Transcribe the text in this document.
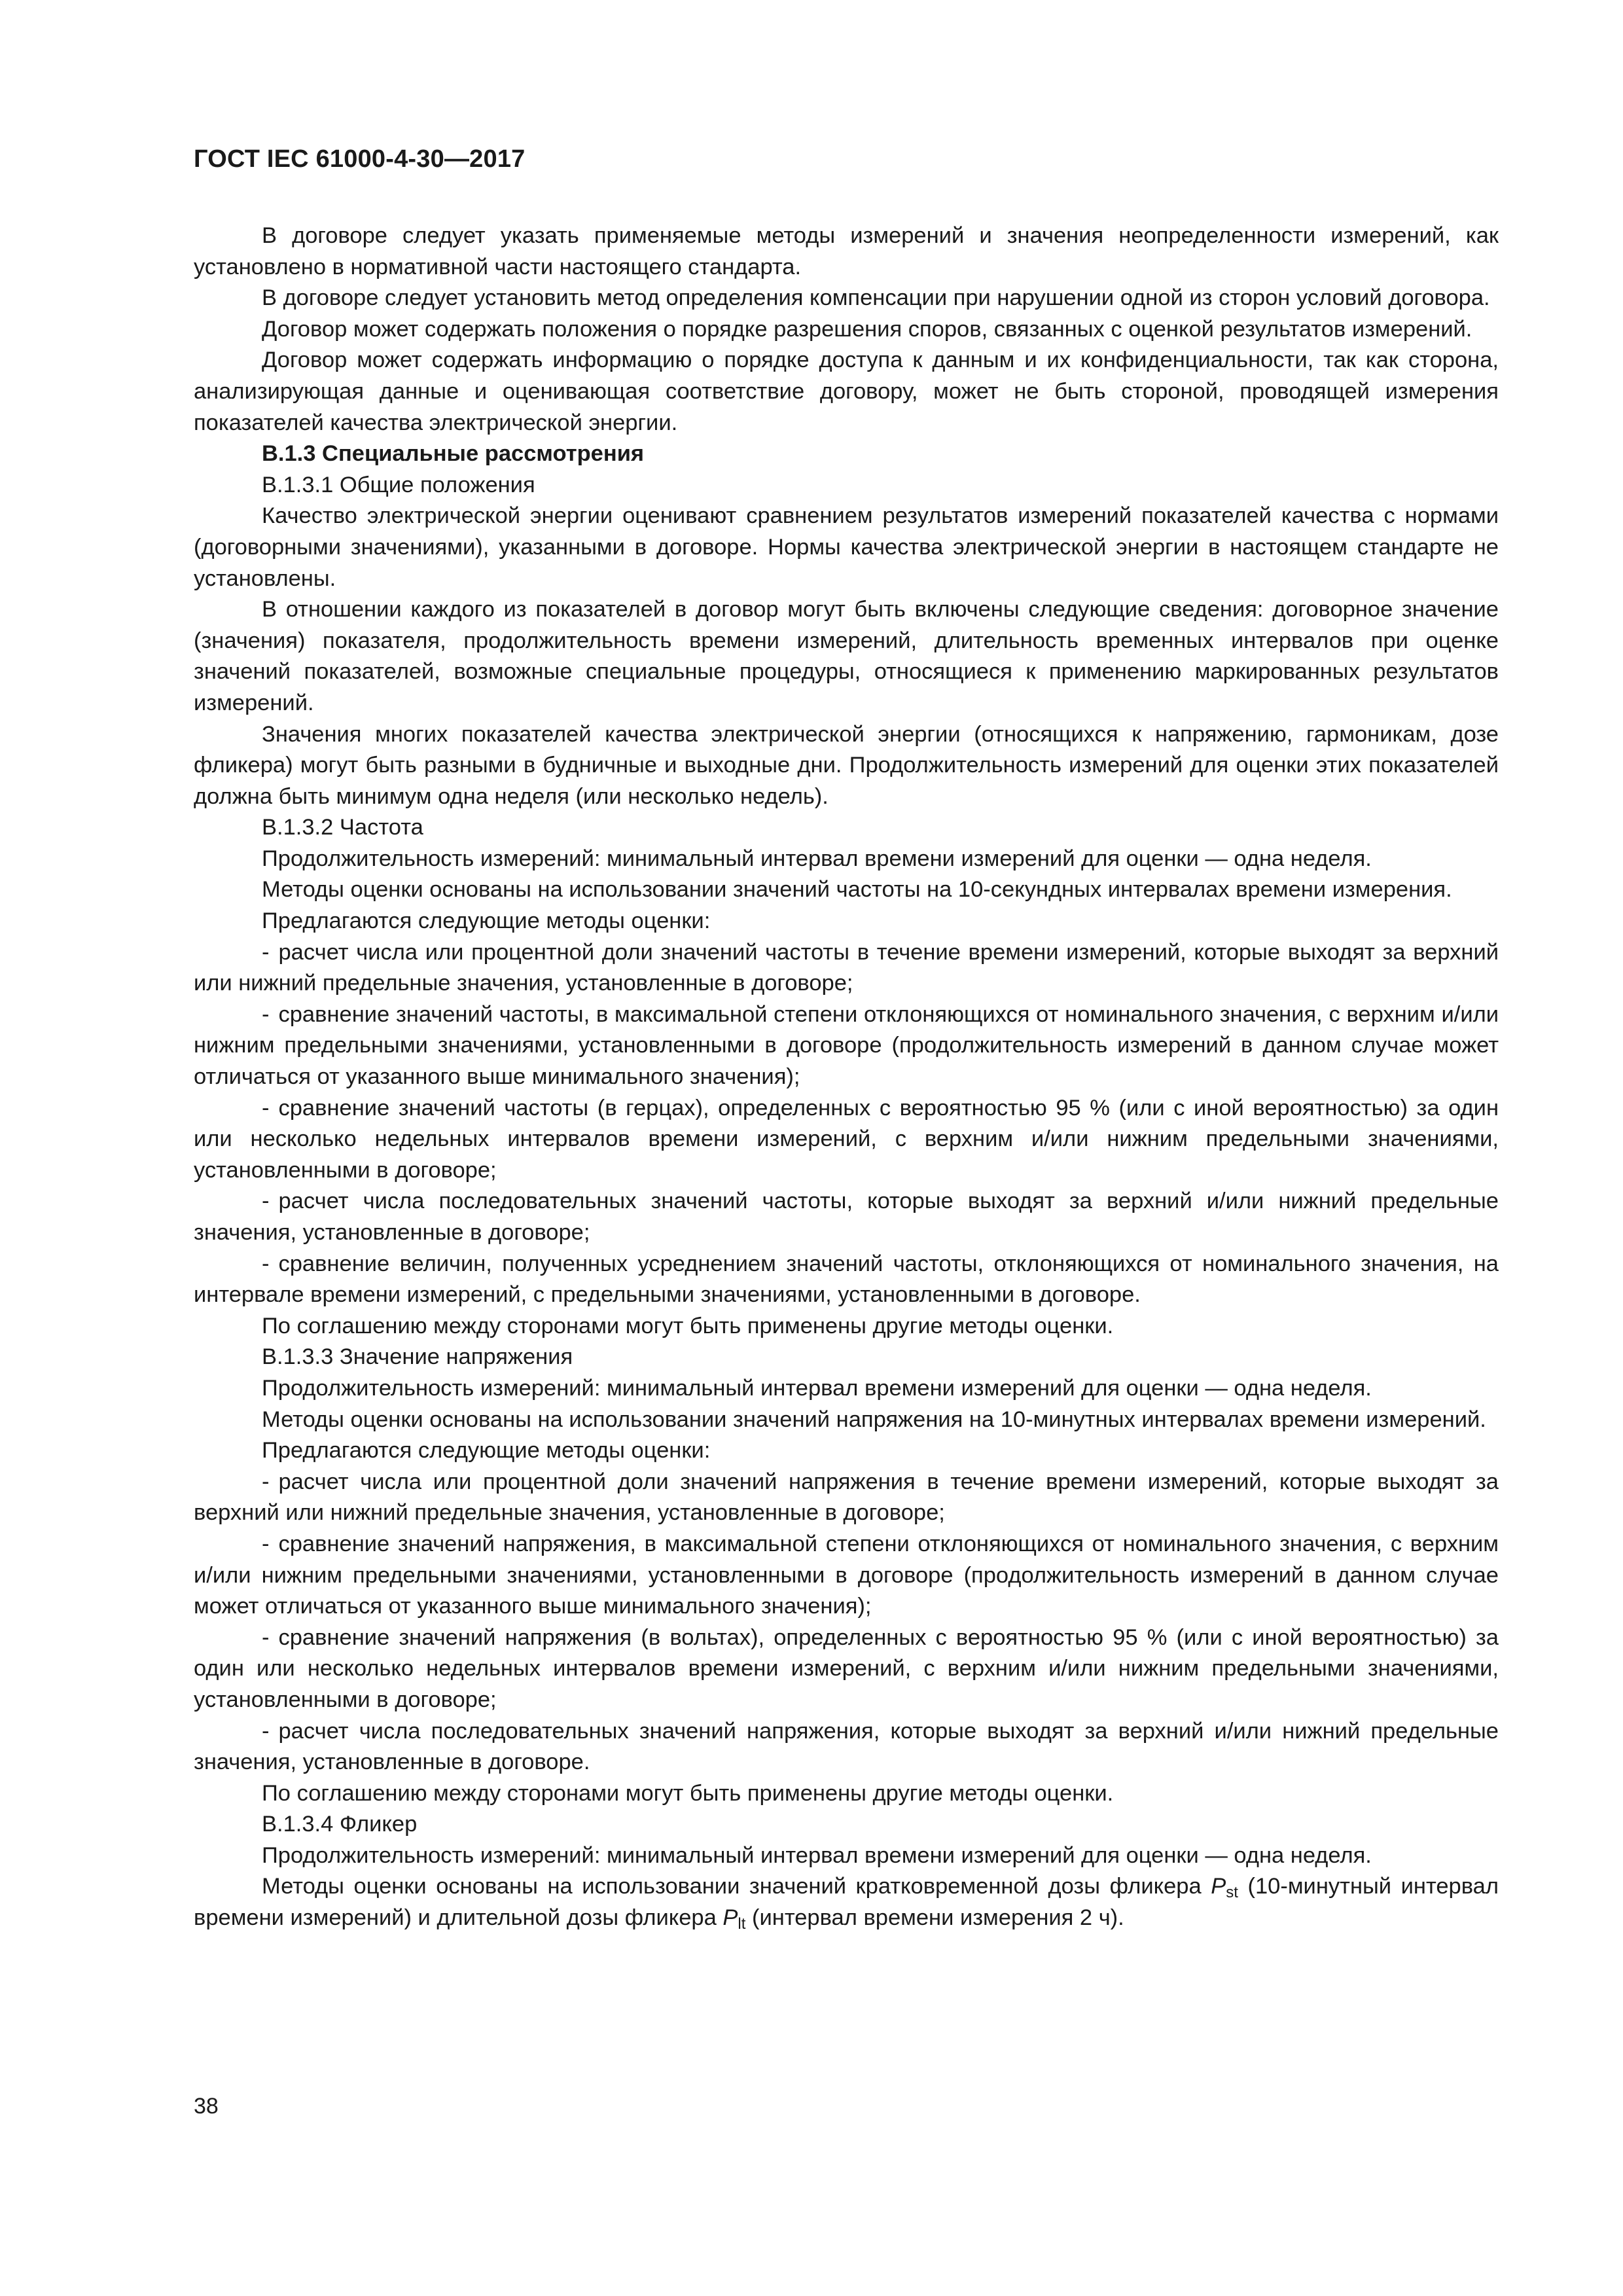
ГОСТ IEC 61000-4-30—2017

В договоре следует указать применяемые методы измерений и значения неопределенности измерений, как установлено в нормативной части настоящего стандарта.

В договоре следует установить метод определения компенсации при нарушении одной из сторон условий договора.

Договор может содержать положения о порядке разрешения споров, связанных с оценкой результатов измерений.

Договор может содержать информацию о порядке доступа к данным и их конфиденциальности, так как сторона, анализирующая данные и оценивающая соответствие договору, может не быть стороной, проводящей измерения показателей качества электрической энергии.

В.1.3 Специальные рассмотрения

В.1.3.1 Общие положения

Качество электрической энергии оценивают сравнением результатов измерений показателей качества с нормами (договорными значениями), указанными в договоре. Нормы качества электрической энергии в настоящем стандарте не установлены.

В отношении каждого из показателей в договор могут быть включены следующие сведения: договорное значение (значения) показателя, продолжительность времени измерений, длительность временных интервалов при оценке значений показателей, возможные специальные процедуры, относящиеся к применению маркированных результатов измерений.

Значения многих показателей качества электрической энергии (относящихся к напряжению, гармоникам, дозе фликера) могут быть разными в будничные и выходные дни. Продолжительность измерений для оценки этих показателей должна быть минимум одна неделя (или несколько недель).

В.1.3.2 Частота

Продолжительность измерений: минимальный интервал времени измерений для оценки — одна неделя.

Методы оценки основаны на использовании значений частоты на 10-секундных интервалах времени измерения.

Предлагаются следующие методы оценки:

- расчет числа или процентной доли значений частоты в течение времени измерений, которые выходят за верхний или нижний предельные значения, установленные в договоре;

- сравнение значений частоты, в максимальной степени отклоняющихся от номинального значения, с верхним и/или нижним предельными значениями, установленными в договоре (продолжительность измерений в данном случае может отличаться от указанного выше минимального значения);

- сравнение значений частоты (в герцах), определенных с вероятностью 95 % (или с иной вероятностью) за один или несколько недельных интервалов времени измерений, с верхним и/или нижним предельными значениями, установленными в договоре;

- расчет числа последовательных значений частоты, которые выходят за верхний и/или нижний предельные значения, установленные в договоре;

- сравнение величин, полученных усреднением значений частоты, отклоняющихся от номинального значения, на интервале времени измерений, с предельными значениями, установленными в договоре.

По соглашению между сторонами могут быть применены другие методы оценки.

В.1.3.3 Значение напряжения

Продолжительность измерений: минимальный интервал времени измерений для оценки — одна неделя.

Методы оценки основаны на использовании значений напряжения на 10-минутных интервалах времени измерений.

Предлагаются следующие методы оценки:

- расчет числа или процентной доли значений напряжения в течение времени измерений, которые выходят за верхний или нижний предельные значения, установленные в договоре;

- сравнение значений напряжения, в максимальной степени отклоняющихся от номинального значения, с верхним и/или нижним предельными значениями, установленными в договоре (продолжительность измерений в данном случае может отличаться от указанного выше минимального значения);

- сравнение значений напряжения (в вольтах), определенных с вероятностью 95 % (или с иной вероятностью) за один или несколько недельных интервалов времени измерений, с верхним и/или нижним предельными значениями, установленными в договоре;

- расчет числа последовательных значений напряжения, которые выходят за верхний и/или нижний предельные значения, установленные в договоре.

По соглашению между сторонами могут быть применены другие методы оценки.

В.1.3.4 Фликер

Продолжительность измерений: минимальный интервал времени измерений для оценки — одна неделя.

Методы оценки основаны на использовании значений кратковременной дозы фликера $P_{st}$ (10-минутный интервал времени измерений) и длительной дозы фликера $P_{lt}$ (интервал времени измерения 2 ч).

38
